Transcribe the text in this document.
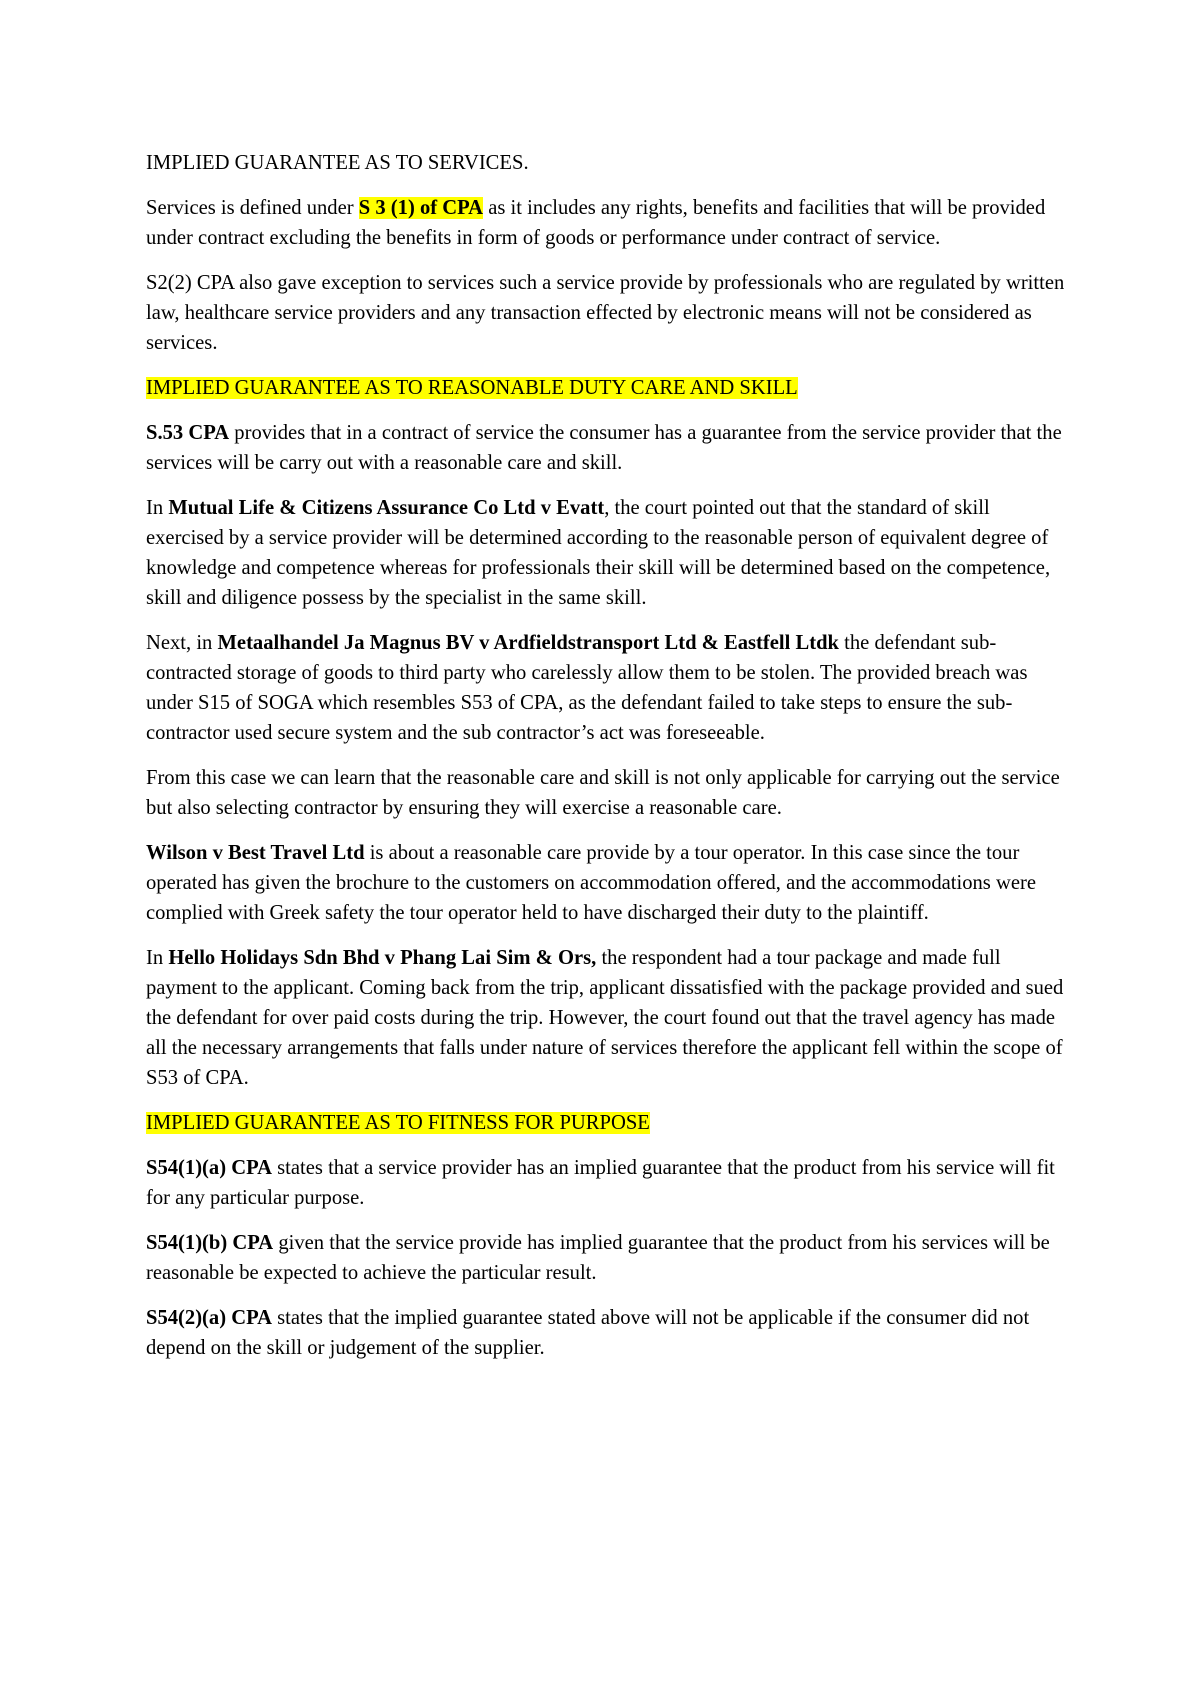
IMPLIED GUARANTEE AS TO SERVICES.

Services is defined under S 3 (1) of CPA as it includes any rights, benefits and facilities that will be provided under contract excluding the benefits in form of goods or performance under contract of service.

S2(2) CPA also gave exception to services such a service provide by professionals who are regulated by written law, healthcare service providers and any transaction effected by electronic means will not be considered as services.

IMPLIED GUARANTEE AS TO REASONABLE DUTY CARE AND SKILL

S.53 CPA provides that in a contract of service the consumer has a guarantee from the service provider that the services will be carry out with a reasonable care and skill.

In Mutual Life & Citizens Assurance Co Ltd v Evatt, the court pointed out that the standard of skill exercised by a service provider will be determined according to the reasonable person of equivalent degree of knowledge and competence whereas for professionals their skill will be determined based on the competence, skill and diligence possess by the specialist in the same skill.

Next, in Metaalhandel Ja Magnus BV v Ardfieldstransport Ltd & Eastfell Ltdk the defendant sub-contracted storage of goods to third party who carelessly allow them to be stolen. The provided breach was under S15 of SOGA which resembles S53 of CPA, as the defendant failed to take steps to ensure the sub-contractor used secure system and the sub contractor’s act was foreseeable.

From this case we can learn that the reasonable care and skill is not only applicable for carrying out the service but also selecting contractor by ensuring they will exercise a reasonable care.

Wilson v Best Travel Ltd is about a reasonable care provide by a tour operator. In this case since the tour operated has given the brochure to the customers on accommodation offered, and the accommodations were complied with Greek safety the tour operator held to have discharged their duty to the plaintiff.

In Hello Holidays Sdn Bhd v Phang Lai Sim & Ors, the respondent had a tour package and made full payment to the applicant. Coming back from the trip, applicant dissatisfied with the package provided and sued the defendant for over paid costs during the trip. However, the court found out that the travel agency has made all the necessary arrangements that falls under nature of services therefore the applicant fell within the scope of S53 of CPA.

IMPLIED GUARANTEE AS TO FITNESS FOR PURPOSE

S54(1)(a) CPA states that a service provider has an implied guarantee that the product from his service will fit for any particular purpose.

S54(1)(b) CPA given that the service provide has implied guarantee that the product from his services will be reasonable be expected to achieve the particular result.

S54(2)(a) CPA states that the implied guarantee stated above will not be applicable if the consumer did not depend on the skill or judgement of the supplier.
